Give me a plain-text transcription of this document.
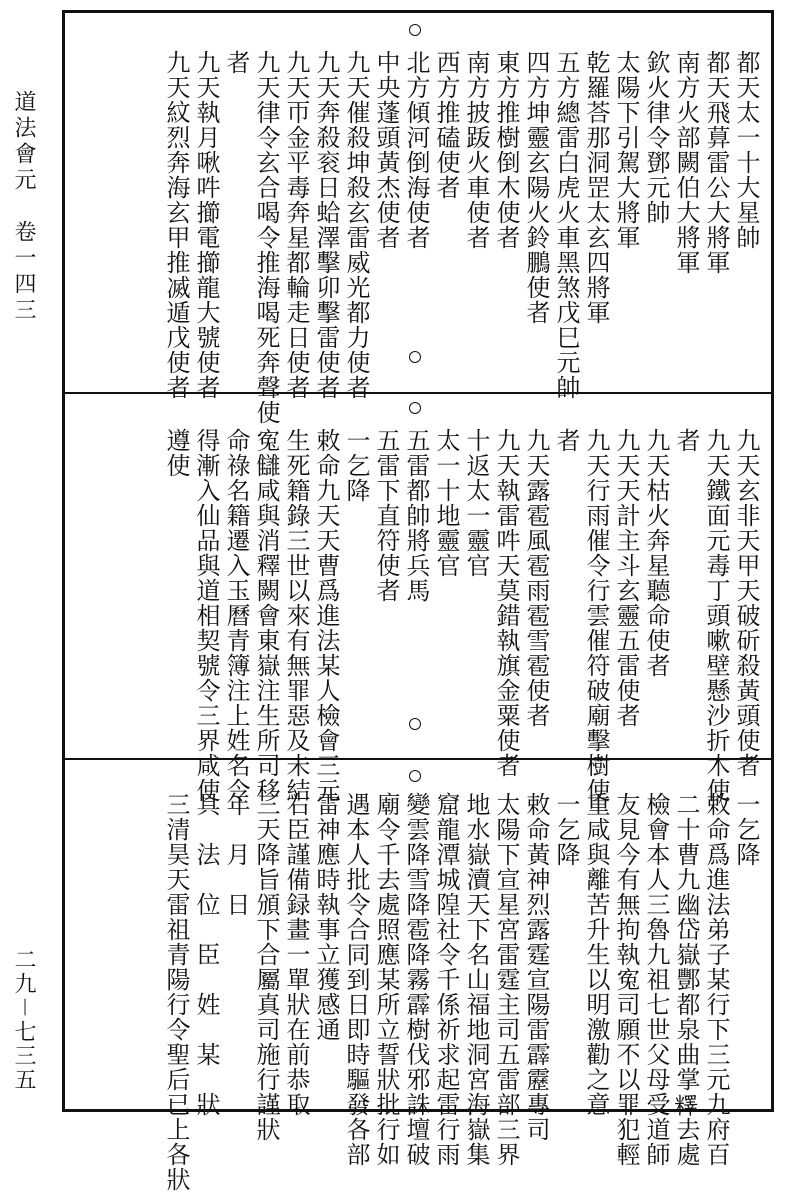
道法會元　卷一四三
二九－七三五
都天太一十大星帥
都天飛萛雷公大將軍
南方火部闕伯大將軍
欽火律令鄧元帥
太陽下引駕大將軍
乾羅荅那洞罡太玄四將軍
五方總雷白虎火車黑煞戊巳元帥
四方坤靈玄陽火鈴鵬使者
東方推樹倒木使者
南方披䟦火車使者
西方推磕使者
北方傾河倒海使者
中央蓬頭黃杰使者
九天催殺坤殺玄雷威光都力使者
九天奔殺衮日蛤澤擊卯擊雷使者
九天帀金平毒奔星都輪走日使者
九天律令玄合喝令推海喝死奔聲使
者
九天執月啾吽擳電擳龍大號使者
九天紋烈奔海玄甲推㓕遁戊使者
九天玄非天甲天破斫殺黃頭使者
九天鐵面元毒丁頭嗽壁懸沙折木使
者
九天枯火奔星聽命使者
九天天計主斗玄靈五雷使者
九天行雨催令行雲催符破廟擊樹使
者
九天露雹風雹雨雹雪雹使者
九天執雷吽天莫錯執旗金粟使者
十返太一靈官
太一十地靈官
五雷都帥將兵馬
五雷下直符使者
一乞降
敕命九天天曹爲進法某人檢會三元
生死籍錄三世以來有無罪惡及未結
寃讎咸與消釋闕會東嶽注生所司移
命祿名籍遷入玉曆青簿注上姓名令
得漸入仙品與道相契號令三界咸使
遵使
一乞降
敕命爲進法弟子某行下三元九府百
二十曹九幽岱嶽酆都泉曲掌𥼶去處
檢會本人三魯九祖七世父母受道師
友見今有無拘執寃司願不以罪犯輕
重咸與離苦升生以明激勸之意
一乞降
敕命黃神烈露霆宣陽雷霹靂專司
太陽下宣星宮雷霆主司五雷部三界
地水嶽瀆天下名山福地洞宮海嶽集
窟龍潭城隍社令千係祈求起雷行雨
變雲降雪降雹降霧霹樹伐邪誅壇破
廟令千去處照應某所立誓狀批行如
遇本人批令合同到日即時驅發各部
雷神應時執事立獲感通
右臣謹備録畫一單狀在前恭取
三天降旨頒下合屬真司施行謹狀
年　月　日
具　法　位　臣　姓　某　狀
三清昊天雷祖青陽行令聖后已上各狀
